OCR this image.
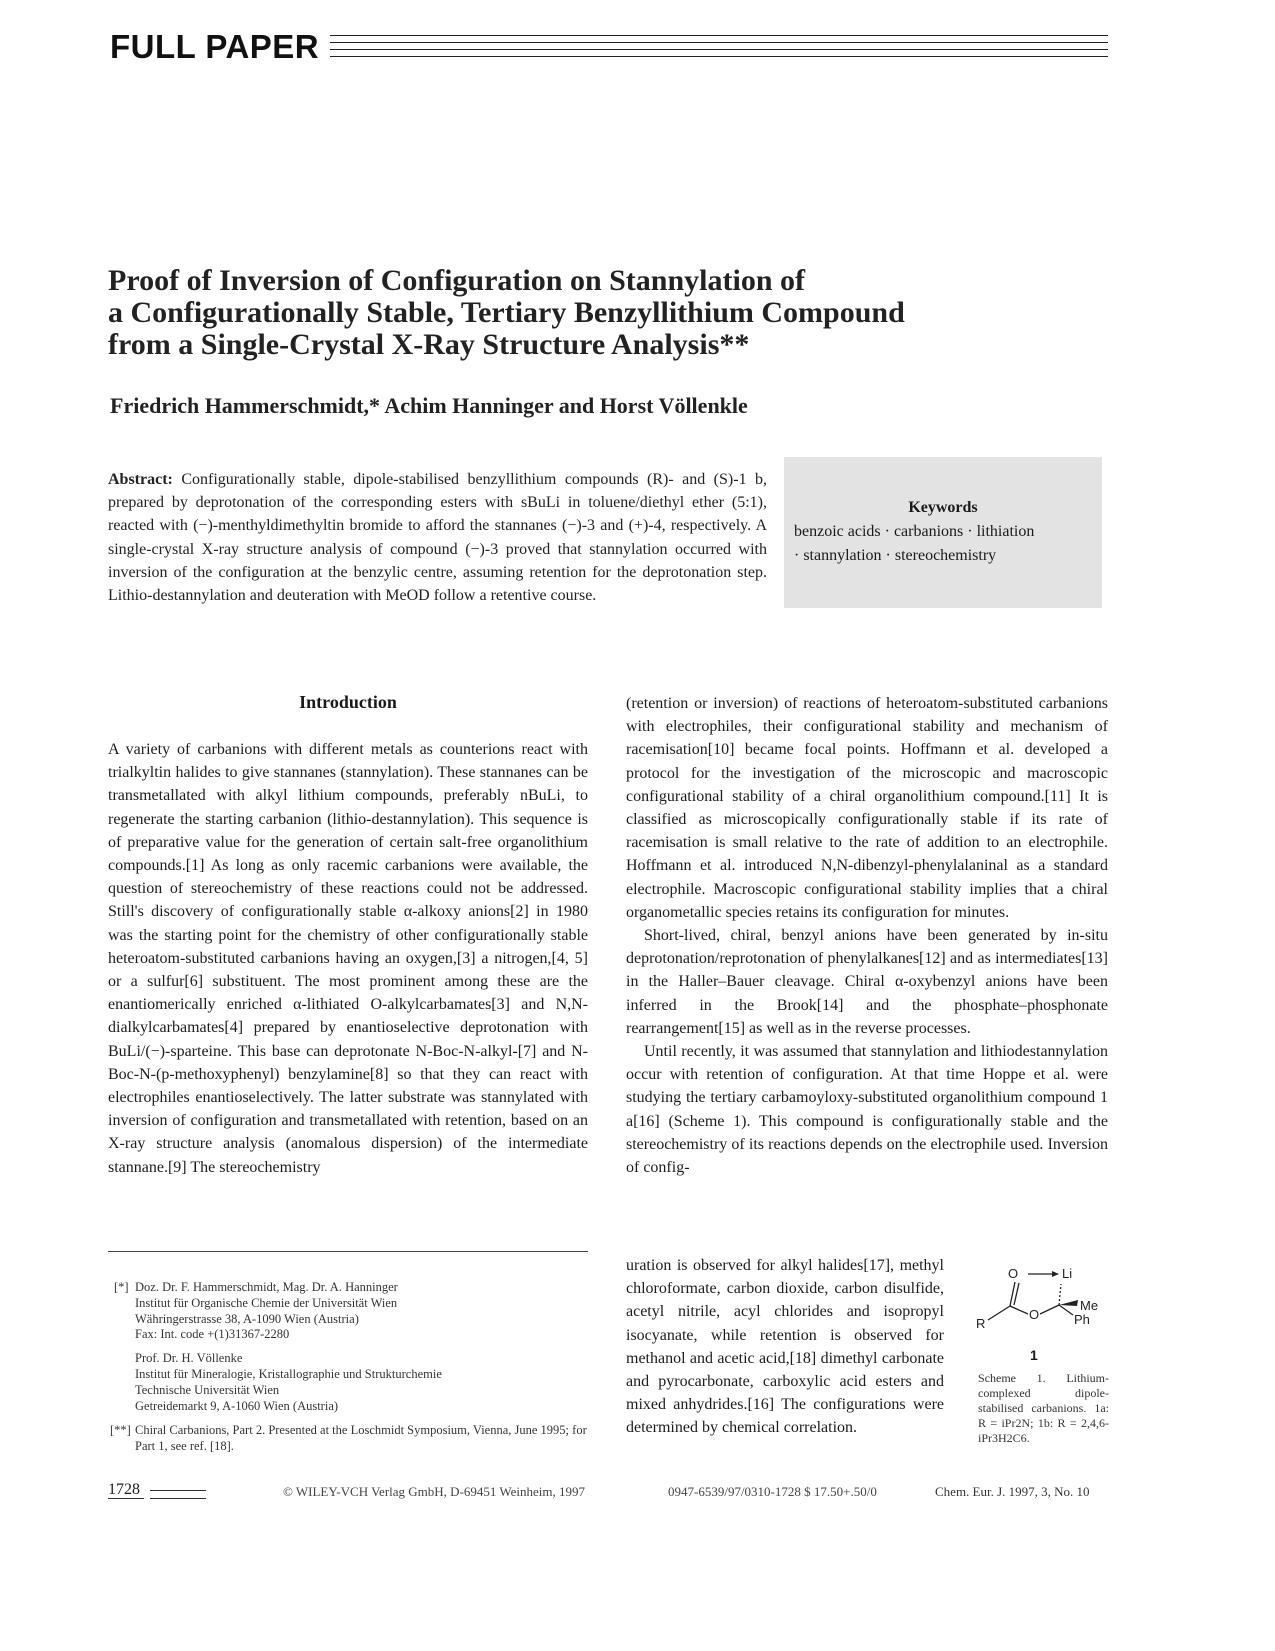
FULL PAPER
Proof of Inversion of Configuration on Stannylation of
a Configurationally Stable, Tertiary Benzyllithium Compound
from a Single-Crystal X-Ray Structure Analysis**
Friedrich Hammerschmidt,* Achim Hanninger and Horst Völlenkle
Abstract: Configurationally stable, dipole-stabilised benzyllithium compounds (R)- and (S)-1 b, prepared by deprotonation of the corresponding esters with sBuLi in toluene/diethyl ether (5:1), reacted with (−)-menthyldimethyltin bromide to afford the stannanes (−)-3 and (+)-4, respectively. A single-crystal X-ray structure analysis of compound (−)-3 proved that stannylation occurred with inversion of the configuration at the benzylic centre, assuming retention for the deprotonation step. Lithio-destannylation and deuteration with MeOD follow a retentive course.
Keywords
benzoic acids · carbanions · lithiation
· stannylation · stereochemistry
Introduction

A variety of carbanions with different metals as counterions react with trialkyltin halides to give stannanes (stannylation). These stannanes can be transmetallated with alkyl lithium compounds, preferably nBuLi, to regenerate the starting carbanion (lithio-destannylation). This sequence is of preparative value for the generation of certain salt-free organolithium compounds.[1] As long as only racemic carbanions were available, the question of stereochemistry of these reactions could not be addressed. Still's discovery of configurationally stable α-alkoxy anions[2] in 1980 was the starting point for the chemistry of other configurationally stable heteroatom-substituted carbanions having an oxygen,[3] a nitrogen,[4, 5] or a sulfur[6] substituent. The most prominent among these are the enantiomerically enriched α-lithiated O-alkylcarbamates[3] and N,N-dialkylcarbamates[4] prepared by enantioselective deprotonation with BuLi/(−)-sparteine. This base can deprotonate N-Boc-N-alkyl-[7] and N-Boc-N-(p-methoxyphenyl) benzylamine[8] so that they can react with electrophiles enantioselectively. The latter substrate was stannylated with inversion of configuration and transmetallated with retention, based on an X-ray structure analysis (anomalous dispersion) of the intermediate stannane.[9] The stereochemistry

(retention or inversion) of reactions of heteroatom-substituted carbanions with electrophiles, their configurational stability and mechanism of racemisation[10] became focal points. Hoffmann et al. developed a protocol for the investigation of the microscopic and macroscopic configurational stability of a chiral organolithium compound.[11] It is classified as microscopically configurationally stable if its rate of racemisation is small relative to the rate of addition to an electrophile. Hoffmann et al. introduced N,N-dibenzyl-phenylalaninal as a standard electrophile. Macroscopic configurational stability implies that a chiral organometallic species retains its configuration for minutes.

Short-lived, chiral, benzyl anions have been generated by in-situ deprotonation/reprotonation of phenylalkanes[12] and as intermediates[13] in the Haller–Bauer cleavage. Chiral α-oxybenzyl anions have been inferred in the Brook[14] and the phosphate–phosphonate rearrangement[15] as well as in the reverse processes.

Until recently, it was assumed that stannylation and lithiodestannylation occur with retention of configuration. At that time Hoppe et al. were studying the tertiary carbamoyloxy-substituted organolithium compound 1 a[16] (Scheme 1). This compound is configurationally stable and the stereochemistry of its reactions depends on the electrophile used. Inversion of config-

uration is observed for alkyl halides[17], methyl chloroformate, carbon dioxide, carbon disulfide, acetyl nitrile, acyl chlorides and isopropyl isocyanate, while retention is observed for methanol and acetic acid,[18] dimethyl carbonate and pyrocarbonate, carboxylic acid esters and mixed anhydrides.[16] The configurations were determined by chemical correlation.

O	Li
R
O
Me
Ph
1
Scheme 1. Lithium-complexed dipole-stabilised carbanions. 1a: R = iPr2N; 1b: R = 2,4,6-iPr3H2C6.
[*] Doz. Dr. F. Hammerschmidt, Mag. Dr. A. Hanninger
Institut für Organische Chemie der Universität Wien
Währingerstrasse 38, A-1090 Wien (Austria)
Fax: Int. code +(1)31367-2280
Prof. Dr. H. Völlenke
Institut für Mineralogie, Kristallographie und Strukturchemie
Technische Universität Wien
Getreidemarkt 9, A-1060 Wien (Austria)
[**] Chiral Carbanions, Part 2. Presented at the Loschmidt Symposium, Vienna, June 1995; for Part 1, see ref. [18].
1728	© WILEY-VCH Verlag GmbH, D-69451 Weinheim, 1997	0947-6539/97/0310-1728 $ 17.50+.50/0	Chem. Eur. J. 1997, 3, No. 10
